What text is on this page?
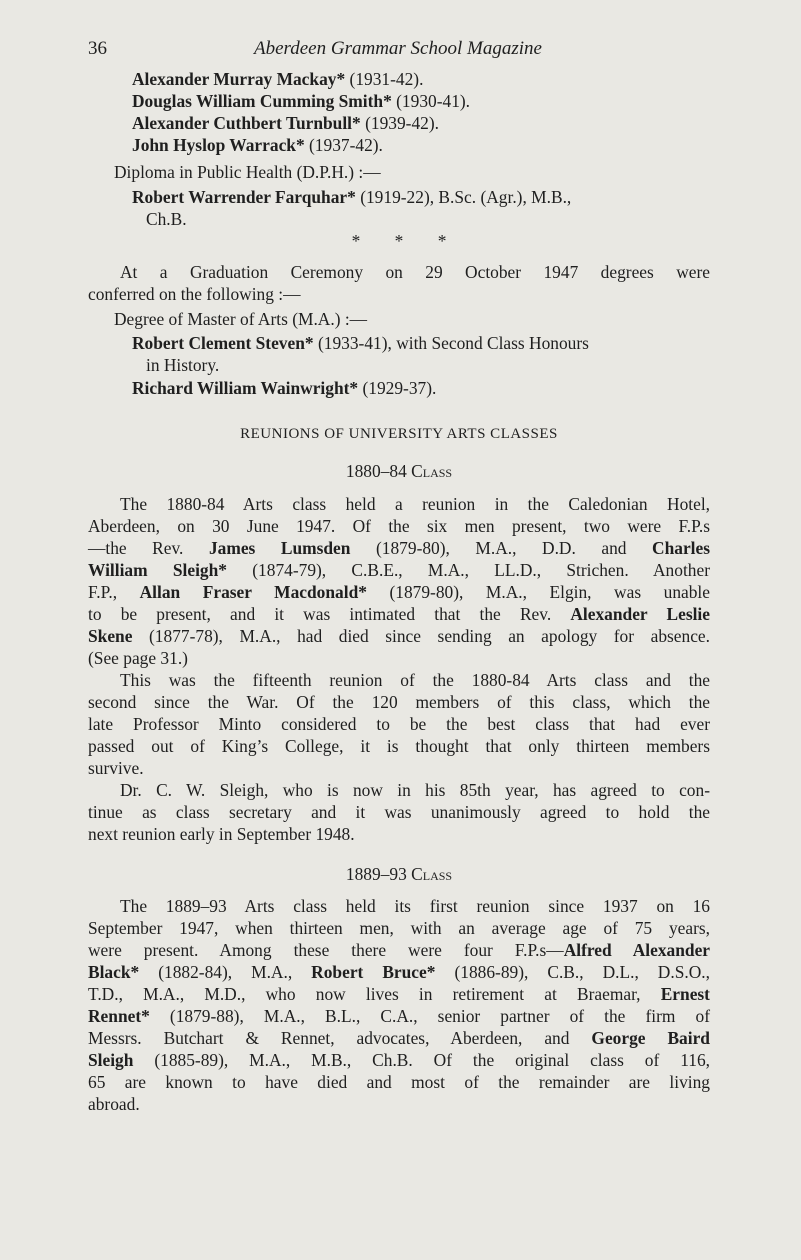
36	Aberdeen Grammar School Magazine
Alexander Murray Mackay* (1931-42).
Douglas William Cumming Smith* (1930-41).
Alexander Cuthbert Turnbull* (1939-42).
John Hyslop Warrack* (1937-42).
Diploma in Public Health (D.P.H.) :—
Robert Warrender Farquhar* (1919-22), B.Sc. (Agr.), M.B.,
Ch.B.
* * *
At a Graduation Ceremony on 29 October 1947 degrees were
conferred on the following :—
Degree of Master of Arts (M.A.) :—
Robert Clement Steven* (1933-41), with Second Class Honours
in History.
Richard William Wainwright* (1929-37).
REUNIONS OF UNIVERSITY ARTS CLASSES
1880–84 Class
The 1880-84 Arts class held a reunion in the Caledonian Hotel,
Aberdeen, on 30 June 1947. Of the six men present, two were F.P.s
—the Rev. James Lumsden (1879-80), M.A., D.D. and Charles
William Sleigh* (1874-79), C.B.E., M.A., LL.D., Strichen. Another
F.P., Allan Fraser Macdonald* (1879-80), M.A., Elgin, was unable
to be present, and it was intimated that the Rev. Alexander Leslie
Skene (1877-78), M.A., had died since sending an apology for absence.
(See page 31.)
This was the fifteenth reunion of the 1880-84 Arts class and the
second since the War. Of the 120 members of this class, which the
late Professor Minto considered to be the best class that had ever
passed out of King’s College, it is thought that only thirteen members
survive.
Dr. C. W. Sleigh, who is now in his 85th year, has agreed to con-
tinue as class secretary and it was unanimously agreed to hold the
next reunion early in September 1948.
1889–93 Class
The 1889–93 Arts class held its first reunion since 1937 on 16
September 1947, when thirteen men, with an average age of 75 years,
were present. Among these there were four F.P.s—Alfred Alexander
Black* (1882-84), M.A., Robert Bruce* (1886-89), C.B., D.L., D.S.O.,
T.D., M.A., M.D., who now lives in retirement at Braemar, Ernest
Rennet* (1879-88), M.A., B.L., C.A., senior partner of the firm of
Messrs. Butchart & Rennet, advocates, Aberdeen, and George Baird
Sleigh (1885-89), M.A., M.B., Ch.B. Of the original class of 116,
65 are known to have died and most of the remainder are living
abroad.
